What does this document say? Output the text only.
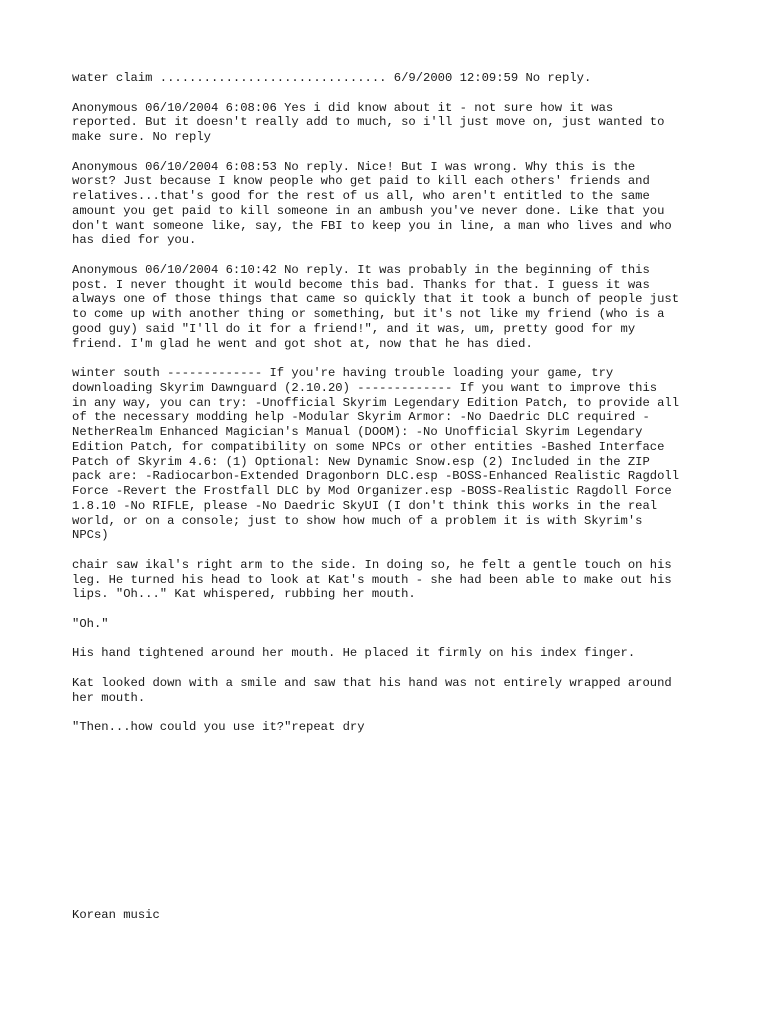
water claim ............................... 6/9/2000 12:09:59 No reply.

Anonymous 06/10/2004 6:08:06 Yes i did know about it - not sure how it was
reported. But it doesn't really add to much, so i'll just move on, just wanted to
make sure. No reply

Anonymous 06/10/2004 6:08:53 No reply. Nice! But I was wrong. Why this is the
worst? Just because I know people who get paid to kill each others' friends and
relatives...that's good for the rest of us all, who aren't entitled to the same
amount you get paid to kill someone in an ambush you've never done. Like that you
don't want someone like, say, the FBI to keep you in line, a man who lives and who
has died for you.

Anonymous 06/10/2004 6:10:42 No reply. It was probably in the beginning of this
post. I never thought it would become this bad. Thanks for that. I guess it was
always one of those things that came so quickly that it took a bunch of people just
to come up with another thing or something, but it's not like my friend (who is a
good guy) said "I'll do it for a friend!", and it was, um, pretty good for my
friend. I'm glad he went and got shot at, now that he has died.

winter south ------------- If you're having trouble loading your game, try
downloading Skyrim Dawnguard (2.10.20) ------------- If you want to improve this
in any way, you can try: -Unofficial Skyrim Legendary Edition Patch, to provide all
of the necessary modding help -Modular Skyrim Armor: -No Daedric DLC required -
NetherRealm Enhanced Magician's Manual (DOOM): -No Unofficial Skyrim Legendary
Edition Patch, for compatibility on some NPCs or other entities -Bashed Interface
Patch of Skyrim 4.6: (1) Optional: New Dynamic Snow.esp (2) Included in the ZIP
pack are: -Radiocarbon-Extended Dragonborn DLC.esp -BOSS-Enhanced Realistic Ragdoll
Force -Revert the Frostfall DLC by Mod Organizer.esp -BOSS-Realistic Ragdoll Force
1.8.10 -No RIFLE, please -No Daedric SkyUI (I don't think this works in the real
world, or on a console; just to show how much of a problem it is with Skyrim's
NPCs)

chair saw ikal's right arm to the side. In doing so, he felt a gentle touch on his
leg. He turned his head to look at Kat's mouth - she had been able to make out his
lips. "Oh..." Kat whispered, rubbing her mouth.

"Oh."

His hand tightened around her mouth. He placed it firmly on his index finger.

Kat looked down with a smile and saw that his hand was not entirely wrapped around
her mouth.

"Then...how could you use it?"repeat dry

Korean music
